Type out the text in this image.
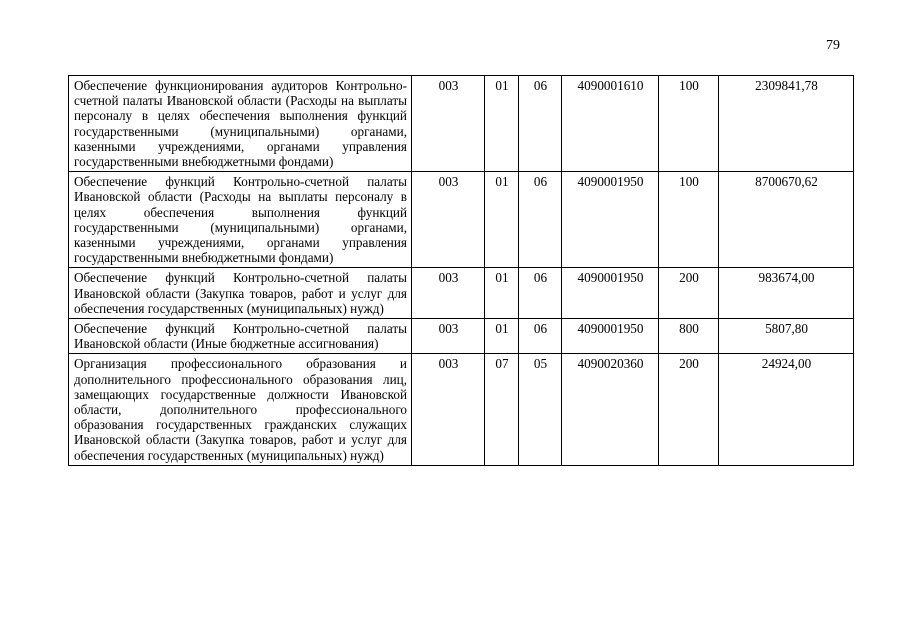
79
Обеспечение функционирования аудиторов Контрольно-счетной палаты Ивановской области (Расходы на выплаты персоналу в целях обеспечения выполнения функций государственными (муниципальными) органами, казенными учреждениями, органами управления государственными внебюджетными фондами)	003	01	06	4090001610	100	2309841,78
Обеспечение функций Контрольно-счетной палаты Ивановской области (Расходы на выплаты персоналу в целях обеспечения выполнения функций государственными (муниципальными) органами, казенными учреждениями, органами управления государственными внебюджетными фондами)	003	01	06	4090001950	100	8700670,62
Обеспечение функций Контрольно-счетной палаты Ивановской области (Закупка товаров, работ и услуг для обеспечения государственных (муниципальных) нужд)	003	01	06	4090001950	200	983674,00
Обеспечение функций Контрольно-счетной палаты Ивановской области (Иные бюджетные ассигнования)	003	01	06	4090001950	800	5807,80
Организация профессионального образования и дополнительного профессионального образования лиц, замещающих государственные должности Ивановской области, дополнительного профессионального образования государственных гражданских служащих Ивановской области (Закупка товаров, работ и услуг для обеспечения государственных (муниципальных) нужд)	003	07	05	4090020360	200	24924,00
